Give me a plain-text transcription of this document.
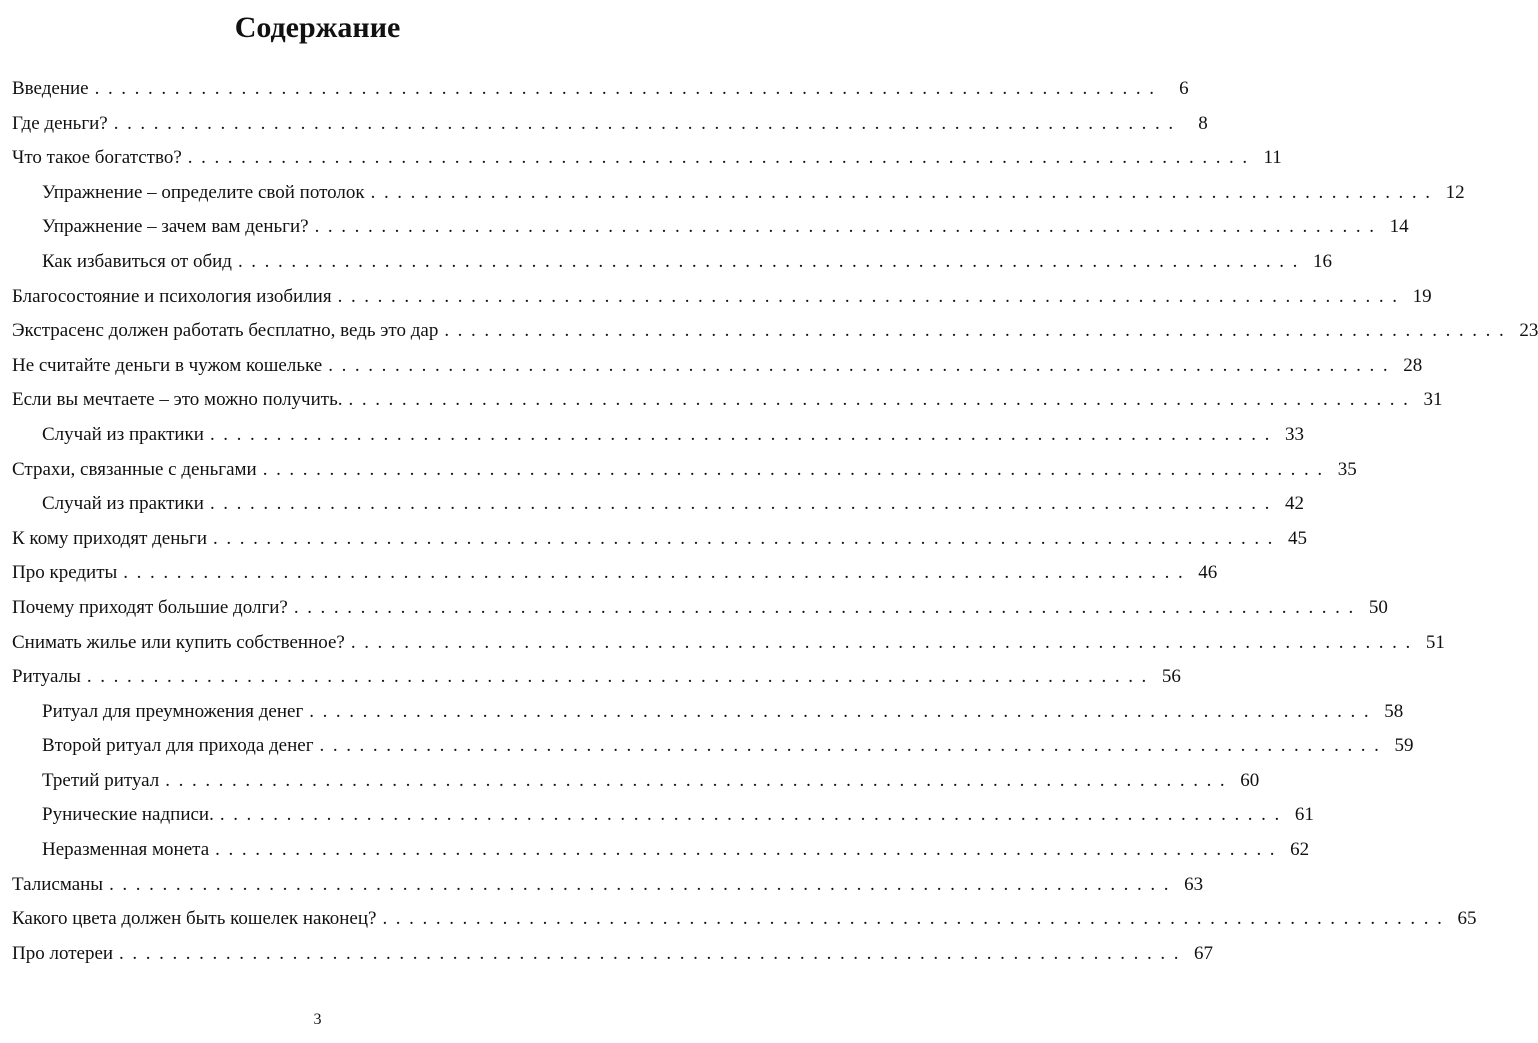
Содержание
Введение ................................................................................ 6
Где деньги? ................................................................................ 8
Что такое богатство? ................................................................................ 11
Упражнение – определите свой потолок ................................................................................ 12
Упражнение – зачем вам деньги? ................................................................................ 14
Как избавиться от обид ................................................................................ 16
Благосостояние и психология изобилия ................................................................................ 19
Экстрасенс должен работать бесплатно, ведь это дар ................................................................................ 23
Не считайте деньги в чужом кошельке ................................................................................ 28
Если вы мечтаете – это можно получить. ................................................................................ 31
Случай из практики ................................................................................ 33
Страхи, связанные с деньгами ................................................................................ 35
Случай из практики ................................................................................ 42
К кому приходят деньги ................................................................................ 45
Про кредиты ................................................................................ 46
Почему приходят большие долги? ................................................................................ 50
Снимать жилье или купить собственное? ................................................................................ 51
Ритуалы ................................................................................ 56
Ритуал для преумножения денег ................................................................................ 58
Второй ритуал для прихода денег ................................................................................ 59
Третий ритуал ................................................................................ 60
Рунические надписи. ................................................................................ 61
Неразменная монета ................................................................................ 62
Талисманы ................................................................................ 63
Какого цвета должен быть кошелек наконец? ................................................................................ 65
Про лотереи ................................................................................ 67
3
